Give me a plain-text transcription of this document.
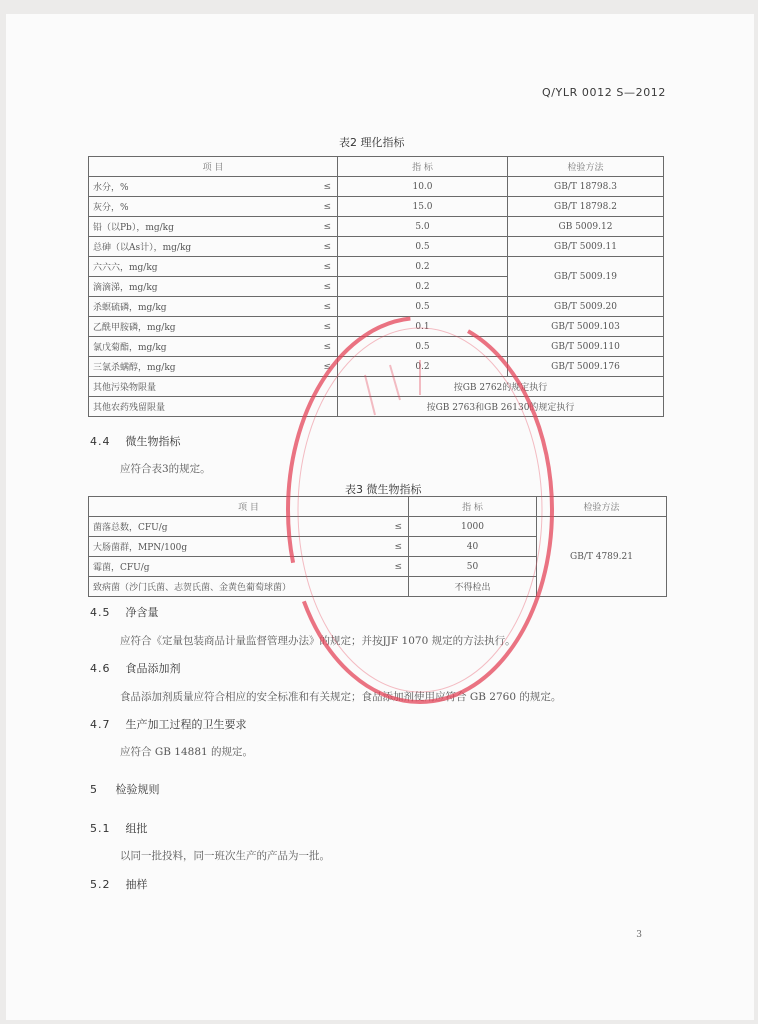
Q/YLR 0012 S—2012
表2 理化指标
项 目		指 标	检验方法
水分，%	≤	10.0	GB/T 18798.3
灰分，%	≤	15.0	GB/T 18798.2
铅（以Pb），mg/kg	≤	5.0	GB 5009.12
总砷（以As计），mg/kg	≤	0.5	GB/T 5009.11
六六六，mg/kg	≤	0.2	GB/T 5009.19
滴滴涕，mg/kg	≤	0.2	
杀螟硫磷，mg/kg	≤	0.5	GB/T 5009.20
乙酰甲胺磷，mg/kg	≤	0.1	GB/T 5009.103
氯戊菊酯，mg/kg	≤	0.5	GB/T 5009.110
三氯杀螨醇，mg/kg	≤	0.2	GB/T 5009.176
其他污染物限量		按GB 2762的规定执行	
其他农药残留限量		按GB 2763和GB 26130的规定执行	
4.4 微生物指标
应符合表3的规定。
表3 微生物指标
项 目		指 标	检验方法
菌落总数，CFU/g	≤	1000	GB/T 4789.21
大肠菌群，MPN/100g	≤	40	
霉菌，CFU/g	≤	50	
致病菌（沙门氏菌、志贺氏菌、金黄色葡萄球菌）		不得检出	
4.5 净含量
应符合《定量包装商品计量监督管理办法》的规定；并按JJF 1070 规定的方法执行。
4.6 食品添加剂
食品添加剂质量应符合相应的安全标准和有关规定；食品添加剂使用应符合 GB 2760 的规定。
4.7 生产加工过程的卫生要求
应符合 GB 14881 的规定。
5 检验规则
5.1 组批
以同一批投料，同一班次生产的产品为一批。
5.2 抽样
3
